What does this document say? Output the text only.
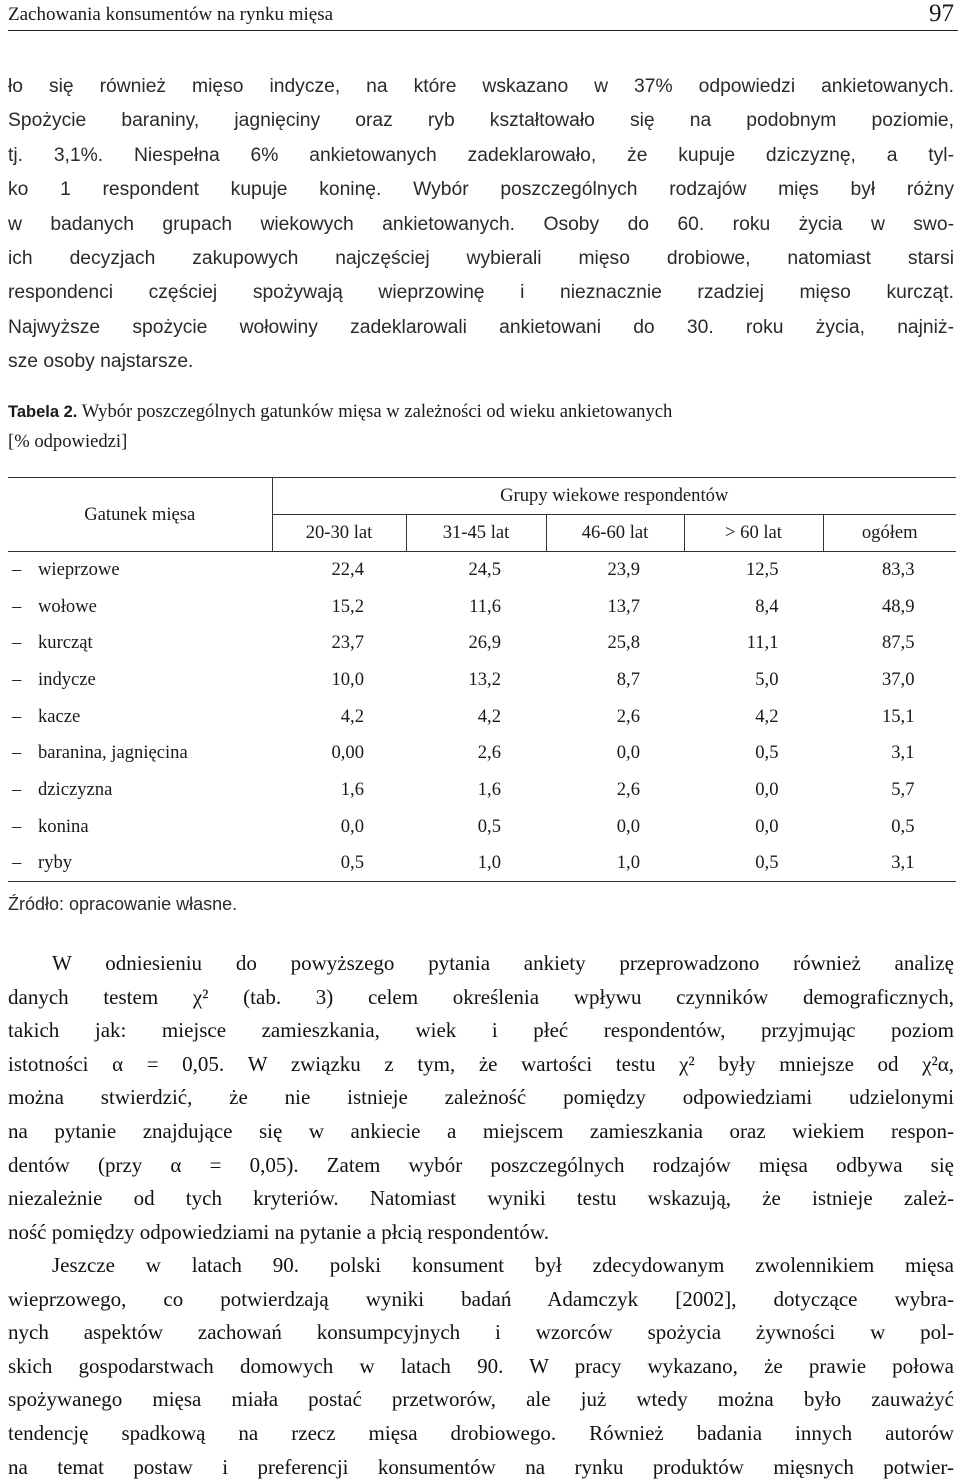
Zachowania konsumentów na rynku mięsa	97
ło się również mięso indycze, na które wskazano w 37% odpowiedzi ankietowanych.
Spożycie baraniny, jagnięciny oraz ryb kształtowało się na podobnym poziomie,
tj. 3,1%. Niespełna 6% ankietowanych zadeklarowało, że kupuje dziczyznę, a tyl-
ko 1 respondent kupuje koninę. Wybór poszczególnych rodzajów mięs był różny
w badanych grupach wiekowych ankietowanych. Osoby do 60. roku życia w swo-
ich decyzjach zakupowych najczęściej wybierali mięso drobiowe, natomiast starsi
respondenci częściej spożywają wieprzowinę i nieznacznie rzadziej mięso kurcząt.
Najwyższe spożycie wołowiny zadeklarowali ankietowani do 30. roku życia, najniż-
sze osoby najstarsze.
Tabela 2. Wybór poszczególnych gatunków mięsa w zależności od wieku ankietowanych
[% odpowiedzi]
Gatunek mięsa	Grupy wiekowe respondentów				
	20-30 lat	31-45 lat	46-60 lat	> 60 lat	ogółem
– wieprzowe	22,4	24,5	23,9	12,5	83,3
– wołowe	15,2	11,6	13,7	8,4	48,9
– kurcząt	23,7	26,9	25,8	11,1	87,5
– indycze	10,0	13,2	8,7	5,0	37,0
– kacze	4,2	4,2	2,6	4,2	15,1
– baranina, jagnięcina	0,00	2,6	0,0	0,5	3,1
– dziczyzna	1,6	1,6	2,6	0,0	5,7
– konina	0,0	0,5	0,0	0,0	0,5
– ryby	0,5	1,0	1,0	0,5	3,1
Źródło: opracowanie własne.
W odniesieniu do powyższego pytania ankiety przeprowadzono również analizę
danych testem χ² (tab. 3) celem określenia wpływu czynników demograficznych,
takich jak: miejsce zamieszkania, wiek i płeć respondentów, przyjmując poziom
istotności α = 0,05. W związku z tym, że wartości testu χ² były mniejsze od χ²α,
można stwierdzić, że nie istnieje zależność pomiędzy odpowiedziami udzielonymi
na pytanie znajdujące się w ankiecie a miejscem zamieszkania oraz wiekiem respon-
dentów (przy α = 0,05). Zatem wybór poszczególnych rodzajów mięsa odbywa się
niezależnie od tych kryteriów. Natomiast wyniki testu wskazują, że istnieje zależ-
ność pomiędzy odpowiedziami na pytanie a płcią respondentów.
Jeszcze w latach 90. polski konsument był zdecydowanym zwolennikiem mięsa
wieprzowego, co potwierdzają wyniki badań Adamczyk [2002], dotyczące wybra-
nych aspektów zachowań konsumpcyjnych i wzorców spożycia żywności w pol-
skich gospodarstwach domowych w latach 90. W pracy wykazano, że prawie połowa
spożywanego mięsa miała postać przetworów, ale już wtedy można było zauważyć
tendencję spadkową na rzecz mięsa drobiowego. Również badania innych autorów
na temat postaw i preferencji konsumentów na rynku produktów mięsnych potwier-
